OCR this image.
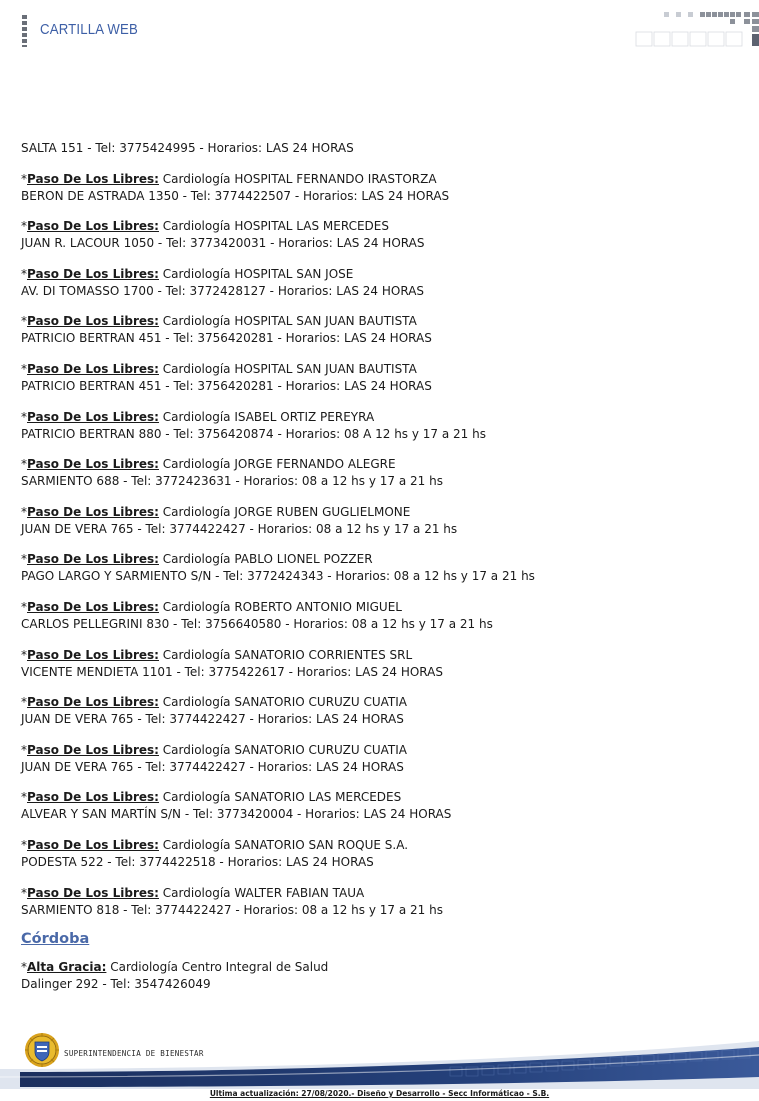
CARTILLA WEB
SALTA 151 - Tel: 3775424995 - Horarios: LAS 24 HORAS
*Paso De Los Libres: Cardiología HOSPITAL FERNANDO IRASTORZA
BERON DE ASTRADA 1350 - Tel: 3774422507 - Horarios: LAS 24 HORAS
*Paso De Los Libres: Cardiología HOSPITAL LAS MERCEDES
JUAN R. LACOUR 1050 - Tel: 3773420031 - Horarios: LAS 24 HORAS
*Paso De Los Libres: Cardiología HOSPITAL SAN JOSE
AV. DI TOMASSO 1700 - Tel: 3772428127 - Horarios: LAS 24 HORAS
*Paso De Los Libres: Cardiología HOSPITAL SAN JUAN BAUTISTA
PATRICIO BERTRAN 451 - Tel: 3756420281 - Horarios: LAS 24 HORAS
*Paso De Los Libres: Cardiología HOSPITAL SAN JUAN BAUTISTA
PATRICIO BERTRAN 451 - Tel: 3756420281 - Horarios: LAS 24 HORAS
*Paso De Los Libres: Cardiología ISABEL ORTIZ PEREYRA
PATRICIO BERTRAN 880 - Tel: 3756420874 - Horarios: 08 A 12 hs y 17 a 21 hs
*Paso De Los Libres: Cardiología JORGE FERNANDO ALEGRE
SARMIENTO 688 - Tel: 3772423631 - Horarios: 08 a 12 hs y 17 a 21 hs
*Paso De Los Libres: Cardiología JORGE RUBEN GUGLIELMONE
JUAN DE VERA 765 - Tel: 3774422427 - Horarios: 08 a 12 hs y 17 a 21 hs
*Paso De Los Libres: Cardiología PABLO LIONEL POZZER
PAGO LARGO Y SARMIENTO S/N - Tel: 3772424343 - Horarios: 08 a 12 hs y 17 a 21 hs
*Paso De Los Libres: Cardiología ROBERTO ANTONIO MIGUEL
CARLOS PELLEGRINI 830 - Tel: 3756640580 - Horarios: 08 a 12 hs y 17 a 21 hs
*Paso De Los Libres: Cardiología SANATORIO CORRIENTES SRL
VICENTE MENDIETA 1101 - Tel: 3775422617 - Horarios: LAS 24 HORAS
*Paso De Los Libres: Cardiología SANATORIO CURUZU CUATIA
JUAN DE VERA 765 - Tel: 3774422427 - Horarios: LAS 24 HORAS
*Paso De Los Libres: Cardiología SANATORIO CURUZU CUATIA
JUAN DE VERA 765 - Tel: 3774422427 - Horarios: LAS 24 HORAS
*Paso De Los Libres: Cardiología SANATORIO LAS MERCEDES
ALVEAR Y SAN MARTÍN S/N - Tel: 3773420004 - Horarios: LAS 24 HORAS
*Paso De Los Libres: Cardiología SANATORIO SAN ROQUE S.A.
PODESTA 522 - Tel: 3774422518 - Horarios: LAS 24 HORAS
*Paso De Los Libres: Cardiología WALTER FABIAN TAUA
SARMIENTO 818 - Tel: 3774422427 - Horarios: 08 a 12 hs y 17 a 21 hs
Córdoba
*Alta Gracia: Cardiología Centro Integral de Salud
Dalinger 292 - Tel: 3547426049
SUPERINTENDENCIA DE BIENESTAR
Ultima actualización: 27/08/2020.- Diseño y Desarrollo - Secc Informáticao - S.B.
